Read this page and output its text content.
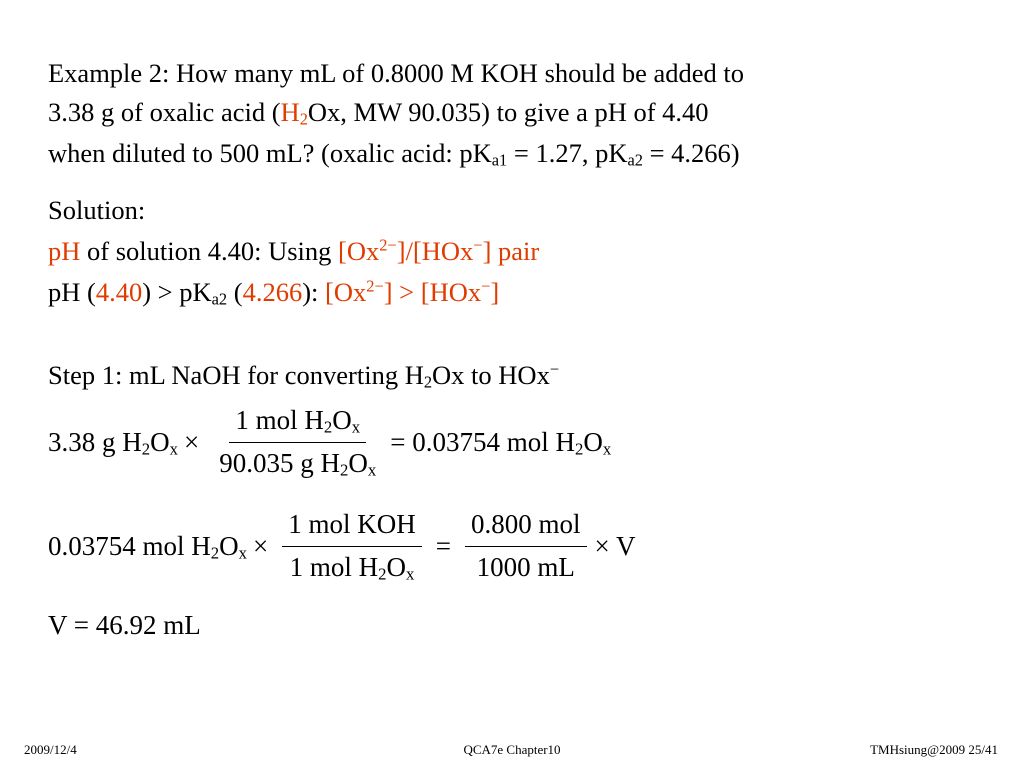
Example 2: How many mL of 0.8000 M KOH should be added to
3.38 g of oxalic acid ($H_2Ox$, MW 90.035) to give a pH of 4.40
when diluted to 500 mL? (oxalic acid: $pK_{a1} = 1.27$, $pK_{a2} = 4.266$)
Solution:
pH of solution 4.40: Using $[Ox^{2-}]/[HOx^-]$ pair
pH $(4.40) > pK_{a2}$ (4.266): $[Ox^{2-}] > [HOx^-]$
Step 1: mL NaOH for converting $H_2Ox$ to HOx−
3.38 g $H_2O_x \times \frac{1 mol H_2O_x}{90.035 g H_2O_x} = 0.03754$ mol $H_2O_x$
0.03754 mol $H_2O_x \times \frac{\text{1 mol KOH}}{1 mol H_2O_x} = \frac{\text{0.800 mol}}{1000 mL} \times V$
V = 46.92 mL
2009/12/4	QCA7e Chapter10	TMHsiung@2009 25/41
